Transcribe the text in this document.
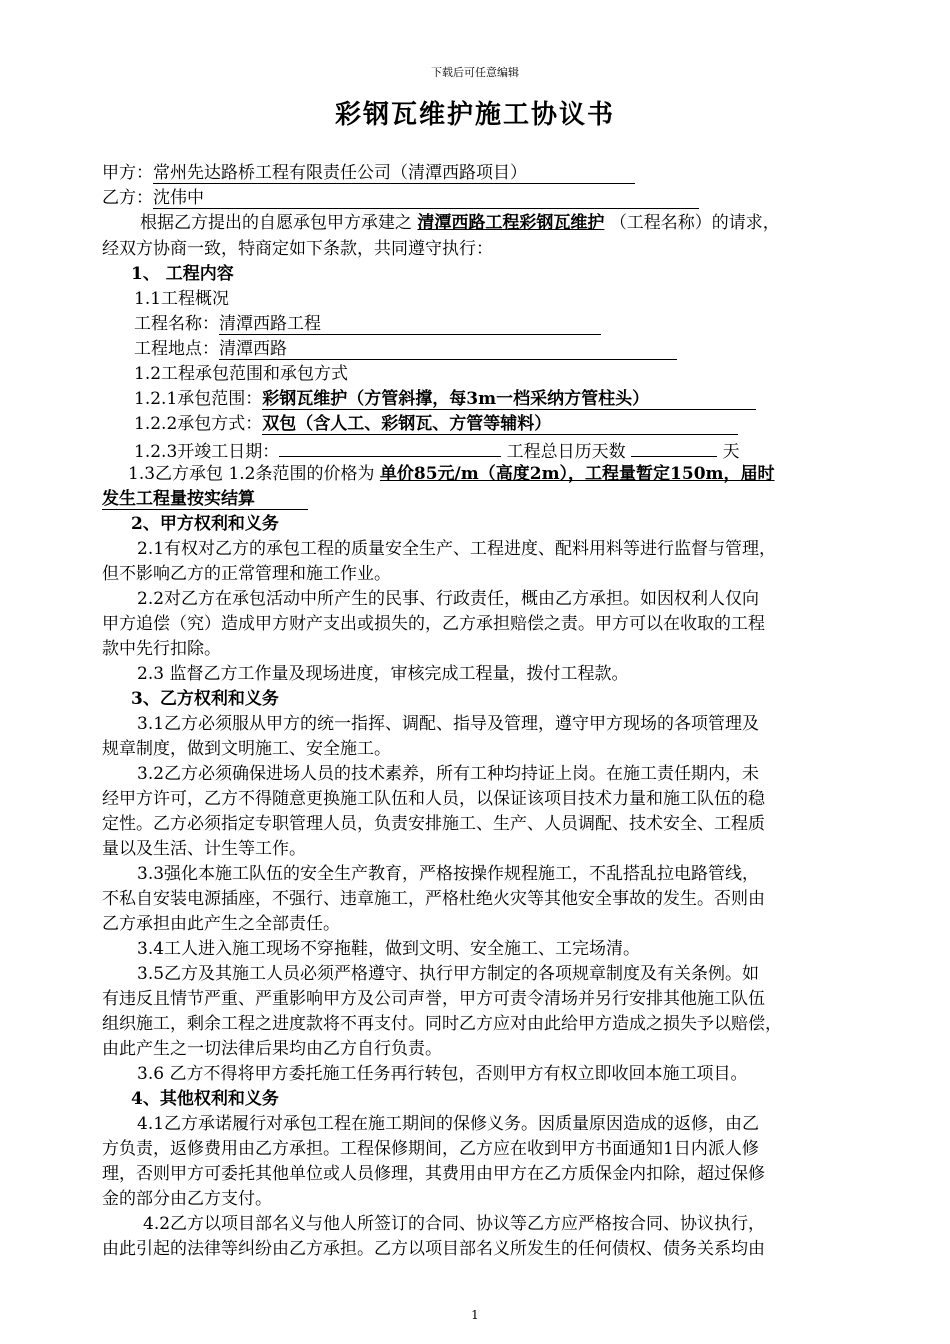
下载后可任意编辑
彩钢瓦维护施工协议书
甲方：常州先达路桥工程有限责任公司（清潭西路项目）
乙方：沈伟中
根据乙方提出的自愿承包甲方承建之 清潭西路工程彩钢瓦维护 （工程名称）的请求，
经双方协商一致，特商定如下条款，共同遵守执行：
1、 工程内容
1.1工程概况
工程名称：清潭西路工程
工程地点：清潭西路
1.2工程承包范围和承包方式
1.2.1承包范围：彩钢瓦维护（方管斜撑，每3m一档采纳方管柱头）
1.2.2承包方式：双包（含人工、彩钢瓦、方管等辅料）
1.2.3开竣工日期：	工程总日历天数	天
1.3乙方承包 1.2条范围的价格为 单价85元/m（高度2m），工程量暂定150m，届时
发生工程量按实结算
2、甲方权利和义务
2.1有权对乙方的承包工程的质量安全生产、工程进度、配料用料等进行监督与管理，
但不影响乙方的正常管理和施工作业。
2.2对乙方在承包活动中所产生的民事、行政责任，概由乙方承担。如因权利人仅向
甲方追偿（究）造成甲方财产支出或损失的，乙方承担赔偿之责。甲方可以在收取的工程
款中先行扣除。
2.3 监督乙方工作量及现场进度，审核完成工程量，拨付工程款。
3、乙方权利和义务
3.1乙方必须服从甲方的统一指挥、调配、指导及管理，遵守甲方现场的各项管理及
规章制度，做到文明施工、安全施工。
3.2乙方必须确保进场人员的技术素养，所有工种均持证上岗。在施工责任期内，未
经甲方许可，乙方不得随意更换施工队伍和人员，以保证该项目技术力量和施工队伍的稳
定性。乙方必须指定专职管理人员，负责安排施工、生产、人员调配、技术安全、工程质
量以及生活、计生等工作。
3.3强化本施工队伍的安全生产教育，严格按操作规程施工，不乱搭乱拉电路管线，
不私自安装电源插座，不强行、违章施工，严格杜绝火灾等其他安全事故的发生。否则由
乙方承担由此产生之全部责任。
3.4工人进入施工现场不穿拖鞋，做到文明、安全施工、工完场清。
3.5乙方及其施工人员必须严格遵守、执行甲方制定的各项规章制度及有关条例。如
有违反且情节严重、严重影响甲方及公司声誉，甲方可责令清场并另行安排其他施工队伍
组织施工，剩余工程之进度款将不再支付。同时乙方应对由此给甲方造成之损失予以赔偿，
由此产生之一切法律后果均由乙方自行负责。
3.6 乙方不得将甲方委托施工任务再行转包，否则甲方有权立即收回本施工项目。
4、其他权利和义务
4.1乙方承诺履行对承包工程在施工期间的保修义务。因质量原因造成的返修，由乙
方负责，返修费用由乙方承担。工程保修期间，乙方应在收到甲方书面通知1日内派人修
理，否则甲方可委托其他单位或人员修理，其费用由甲方在乙方质保金内扣除，超过保修
金的部分由乙方支付。
4.2乙方以项目部名义与他人所签订的合同、协议等乙方应严格按合同、协议执行，
由此引起的法律等纠纷由乙方承担。乙方以项目部名义所发生的任何债权、债务关系均由
1
